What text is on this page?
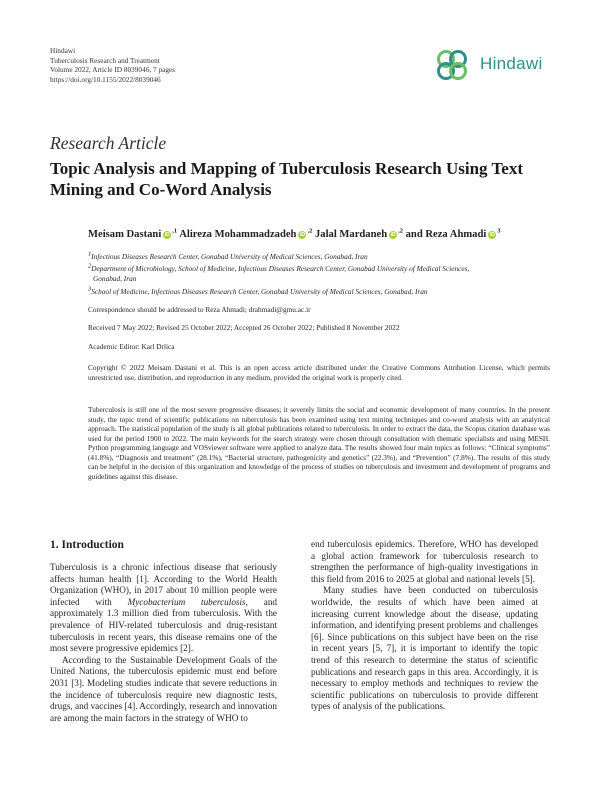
Hindawi
Tuberculosis Research and Treatment
Volume 2022, Article ID 8039046, 7 pages
https://doi.org/10.1155/2022/8039046
Hindawi
Research Article
Topic Analysis and Mapping of Tuberculosis Research Using Text Mining and Co-Word Analysis
Meisam Dastani $iD^{,1}$ Alireza Mohammadzadeh $iD^{,2}$ Jalal Mardaneh $iD^{,2}$ and Reza Ahmadi $iD^3$
1Infectious Diseases Research Center, Gonabad University of Medical Sciences, Gonabad, Iran
2Department of Microbiology, School of Medicine, Infectious Diseases Research Center, Gonabad University of Medical Sciences,
Gonabad, Iran
3School of Medicine, Infectious Diseases Research Center, Gonabad University of Medical Sciences, Gonabad, Iran
Correspondence should be addressed to Reza Ahmadi; drahmadi@gmu.ac.ir
Received 7 May 2022; Revised 25 October 2022; Accepted 26 October 2022; Published 8 November 2022
Academic Editor: Karl Drlica
Copyright © 2022 Meisam Dastani et al. This is an open access article distributed under the Creative Commons Attribution License, which permits unrestricted use, distribution, and reproduction in any medium, provided the original work is properly cited.
Tuberculosis is still one of the most severe progressive diseases; it severely limits the social and economic development of many countries. In the present study, the topic trend of scientific publications on tuberculosis has been examined using text mining techniques and co-word analysis with an analytical approach. The statistical population of the study is all global publications related to tuberculosis. In order to extract the data, the Scopus citation database was used for the period 1900 to 2022. The main keywords for the search strategy were chosen through consultation with thematic specialists and using MESH. Python programming language and VOSviewer software were applied to analyze data. The results showed four main topics as follows: “Clinical symptoms” (41.8%), “Diagnosis and treatment” (28.1%), “Bacterial structure, pathogenicity and genetics” (22.3%), and “Prevention” (7.8%). The results of this study can be helpful in the decision of this organization and knowledge of the process of studies on tuberculosis and investment and development of programs and guidelines against this disease.
1. Introduction

Tuberculosis is a chronic infectious disease that seriously affects human health [1]. According to the World Health Organization (WHO), in 2017 about 10 million people were infected with Mycobacterium tuberculosis, and approximately 1.3 million died from tuberculosis. With the prevalence of HIV-related tuberculosis and drug-resistant tuberculosis in recent years, this disease remains one of the most severe progressive epidemics [2].

According to the Sustainable Development Goals of the United Nations, the tuberculosis epidemic must end before 2031 [3]. Modeling studies indicate that severe reductions in the incidence of tuberculosis require new diagnostic tests, drugs, and vaccines [4]. Accordingly, research and innovation are among the main factors in the strategy of WHO to

end tuberculosis epidemics. Therefore, WHO has developed a global action framework for tuberculosis research to strengthen the performance of high-quality investigations in this field from 2016 to 2025 at global and national levels [5].

Many studies have been conducted on tuberculosis worldwide, the results of which have been aimed at increasing current knowledge about the disease, updating information, and identifying present problems and challenges [6]. Since publications on this subject have been on the rise in recent years [5, 7], it is important to identify the topic trend of this research to determine the status of scientific publications and research gaps in this area. Accordingly, it is necessary to employ methods and techniques to review the scientific publications on tuberculosis to provide different types of analysis of the publications.
